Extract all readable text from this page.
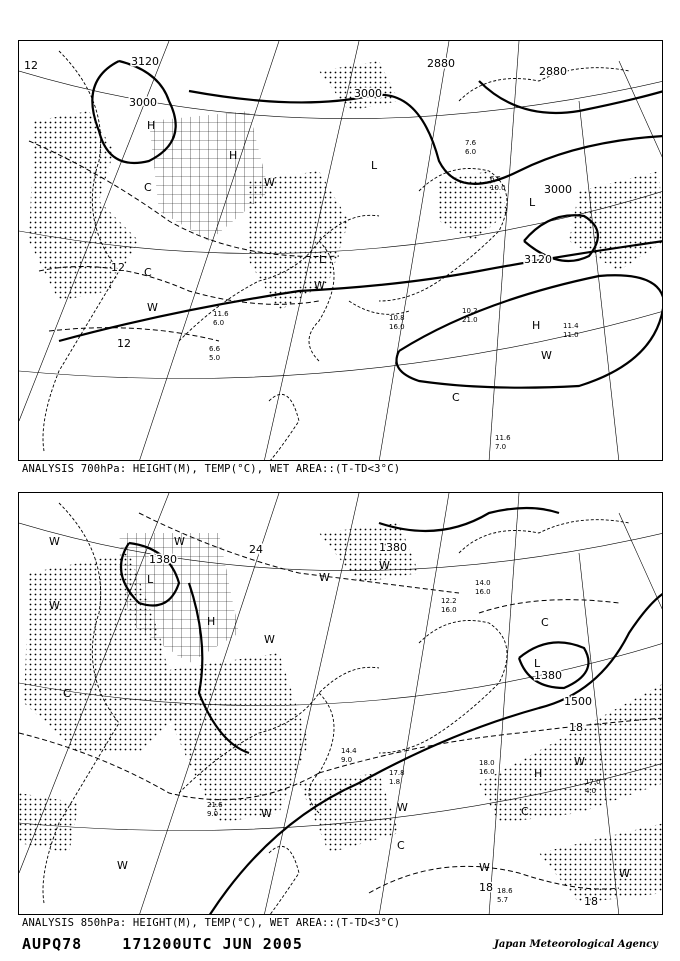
3120
3000
3000
2880
2880
3000
3120
12
12
12
H
H
L
L
L
C
C
W
W
W
H
W
C
10.2
21.0
11.4
11.0
11.6
7.0
6.6
5.0
10.8
16.0
11.6
6.0
7.6
6.0
6.5
10.0
ANALYSIS 700hPa: HEIGHT(M), TEMP(°C), WET AREA::(T-TD<3°C)
1380
1380
1380
1500
18
18
18
24
W
W
W
L
H
W
W
C
L
W
H
W
C
W
W	W
C
W
C
W
18.0
16.0
17.0
4.0
18.6
5.7
21.6
9.0
17.8
1.8
14.4
9.0
12.2
16.0
14.0
16.0
ANALYSIS 850hPa: HEIGHT(M), TEMP(°C), WET AREA::(T-TD<3°C)
AUPQ78    171200UTC JUN 2005	Japan Meteorological Agency
